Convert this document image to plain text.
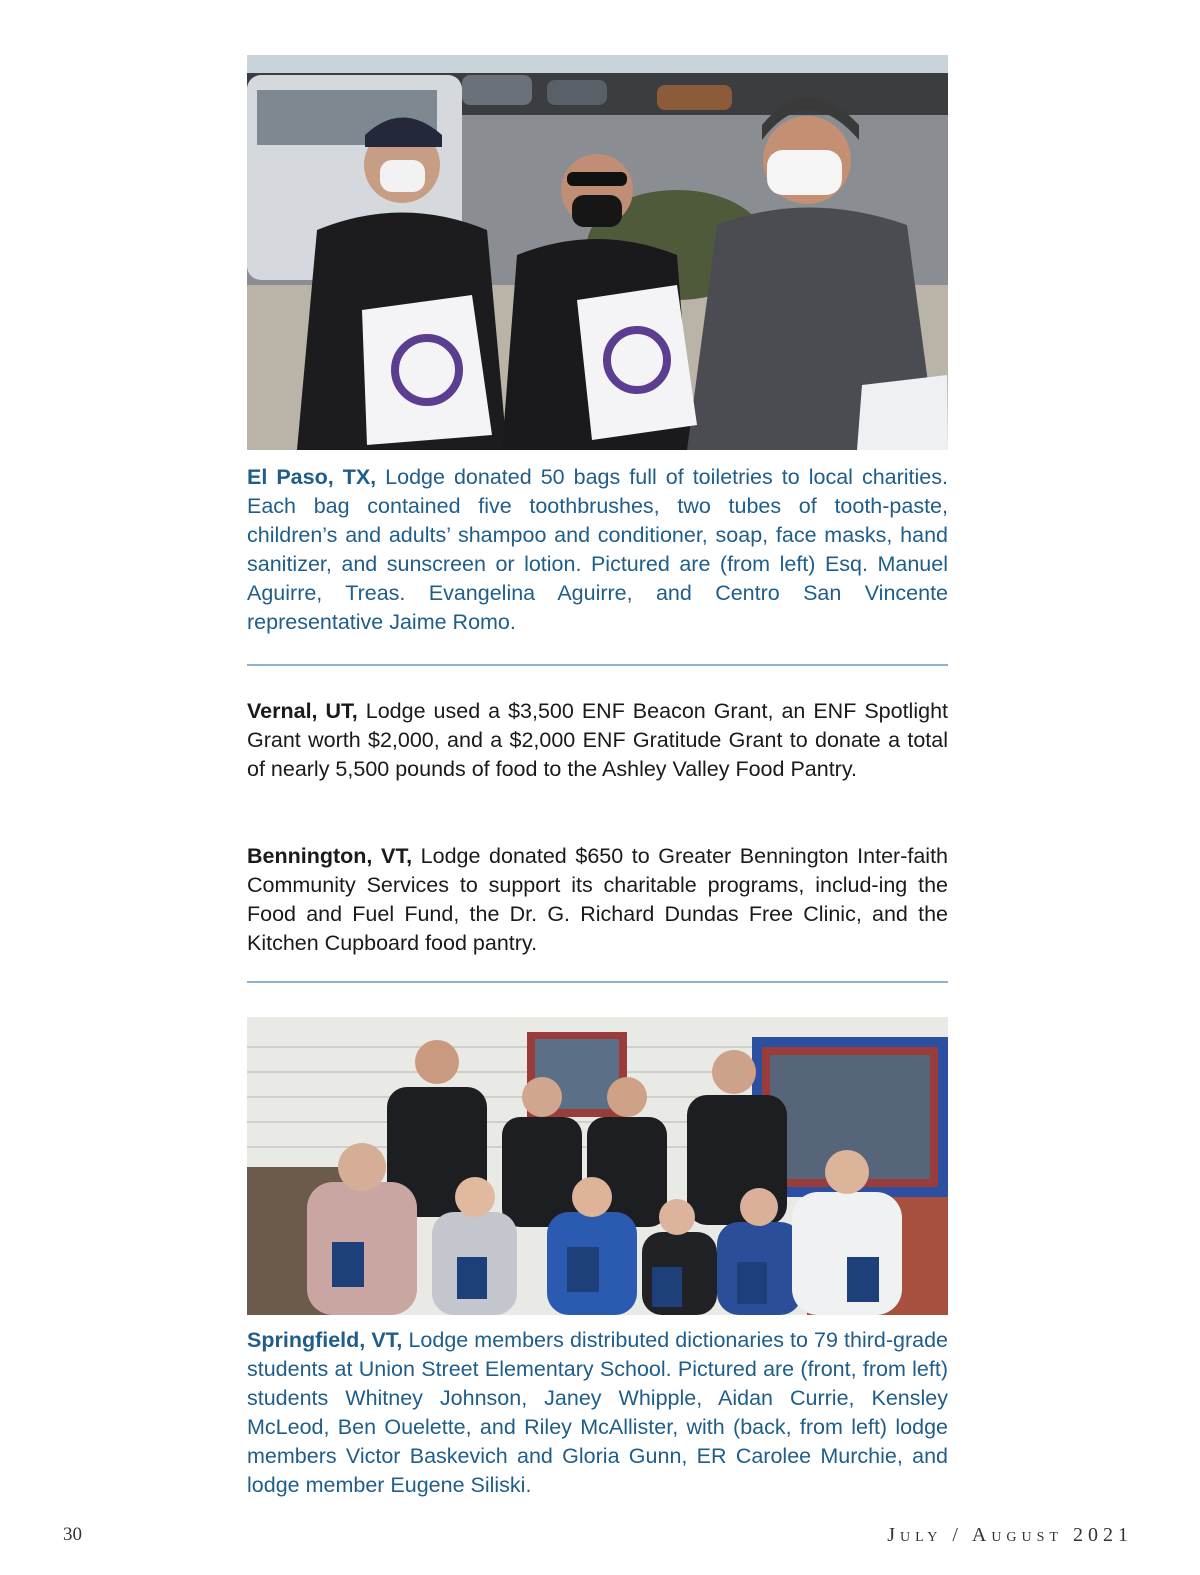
El Paso, TX, Lodge donated 50 bags full of toiletries to local charities. Each bag contained five toothbrushes, two tubes of tooth-paste, children’s and adults’ shampoo and conditioner, soap, face masks, hand sanitizer, and sunscreen or lotion. Pictured are (from left) Esq. Manuel Aguirre, Treas. Evangelina Aguirre, and Centro San Vincente representative Jaime Romo.

Vernal, UT, Lodge used a $3,500 ENF Beacon Grant, an ENF Spotlight Grant worth $2,000, and a $2,000 ENF Gratitude Grant to donate a total of nearly 5,500 pounds of food to the Ashley Valley Food Pantry.

Bennington, VT, Lodge donated $650 to Greater Bennington Inter-faith Community Services to support its charitable programs, includ-ing the Food and Fuel Fund, the Dr. G. Richard Dundas Free Clinic, and the Kitchen Cupboard food pantry.

Springfield, VT, Lodge members distributed dictionaries to 79 third-grade students at Union Street Elementary School. Pictured are (front, from left) students Whitney Johnson, Janey Whipple, Aidan Currie, Kensley McLeod, Ben Ouelette, and Riley McAllister, with (back, from left) lodge members Victor Baskevich and Gloria Gunn, ER Carolee Murchie, and lodge member Eugene Siliski.

30	July / August 2021
